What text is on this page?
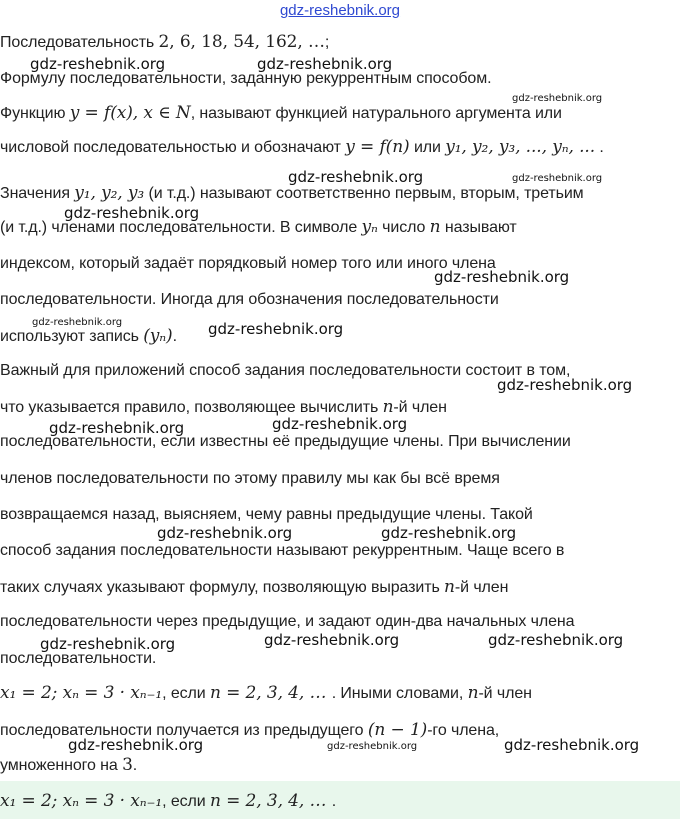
gdz-reshebnik.org
Последовательность 2, 6, 18, 54, 162, …;
Формулу последовательности, заданную рекуррентным способом.
Функцию y = f(x), x ∈ N, называют функцией натурального аргумента или
числовой последовательностью и обозначают y = f(n) или y₁, y₂, y₃, ..., yₙ, ... .
Значения y₁, y₂, y₃ (и т.д.) называют соответственно первым, вторым, третьим
(и т.д.) членами последовательности. В символе yₙ число n называют
индексом, который задаёт порядковый номер того или иного члена
последовательности. Иногда для обозначения последовательности
используют запись (yₙ).
Важный для приложений способ задания последовательности состоит в том,
что указывается правило, позволяющее вычислить n-й член
последовательности, если известны её предыдущие члены. При вычислении
членов последовательности по этому правилу мы как бы всё время
возвращаемся назад, выясняем, чему равны предыдущие члены. Такой
способ задания последовательности называют рекуррентным. Чаще всего в
таких случаях указывают формулу, позволяющую выразить n-й член
последовательности через предыдущие, и задают один-два начальных члена
последовательности.
x₁ = 2; xₙ = 3 · xₙ₋₁, если n = 2, 3, 4, … . Иными словами, n-й член
последовательности получается из предыдущего (n − 1)-го члена,
умноженного на 3.
x₁ = 2; xₙ = 3 · xₙ₋₁, если n = 2, 3, 4, … .
gdz-reshebnik.org	gdz-reshebnik.org
gdz-reshebnik.org
gdz-reshebnik.org	gdz-reshebnik.org
gdz-reshebnik.org
gdz-reshebnik.org
gdz-reshebnik.org	gdz-reshebnik.org
gdz-reshebnik.org
gdz-reshebnik.org
gdz-reshebnik.org
gdz-reshebnik.org	gdz-reshebnik.org
gdz-reshebnik.org	gdz-reshebnik.org	gdz-reshebnik.org
gdz-reshebnik.org	gdz-reshebnik.org	gdz-reshebnik.org
